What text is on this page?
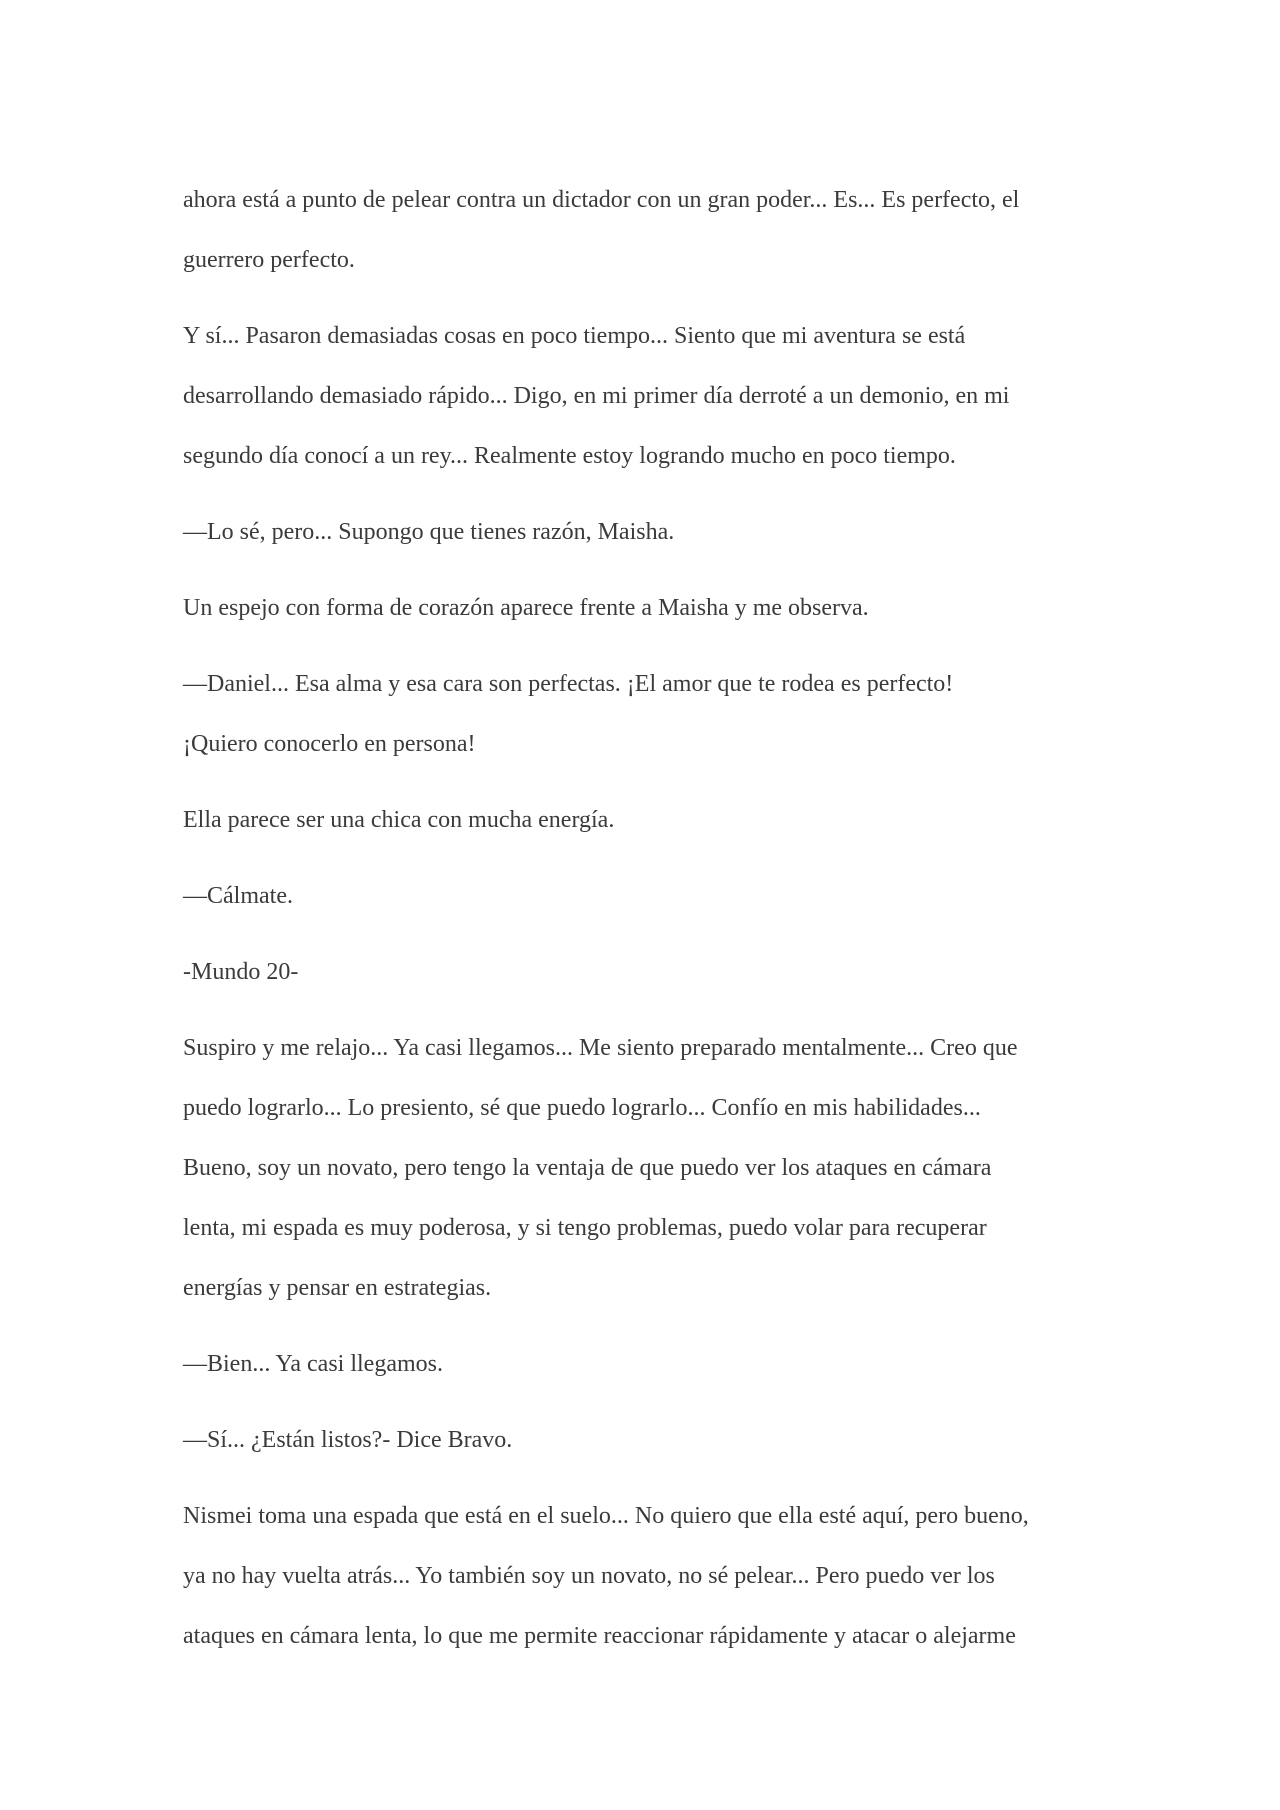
ahora está a punto de pelear contra un dictador con un gran poder... Es... Es perfecto, el
guerrero perfecto.

Y sí... Pasaron demasiadas cosas en poco tiempo... Siento que mi aventura se está
desarrollando demasiado rápido... Digo, en mi primer día derroté a un demonio, en mi
segundo día conocí a un rey... Realmente estoy logrando mucho en poco tiempo.

—Lo sé, pero... Supongo que tienes razón, Maisha.

Un espejo con forma de corazón aparece frente a Maisha y me observa.

—Daniel... Esa alma y esa cara son perfectas. ¡El amor que te rodea es perfecto!
¡Quiero conocerlo en persona!

Ella parece ser una chica con mucha energía.

—Cálmate.

-Mundo 20-

Suspiro y me relajo... Ya casi llegamos... Me siento preparado mentalmente... Creo que
puedo lograrlo... Lo presiento, sé que puedo lograrlo... Confío en mis habilidades...
Bueno, soy un novato, pero tengo la ventaja de que puedo ver los ataques en cámara
lenta, mi espada es muy poderosa, y si tengo problemas, puedo volar para recuperar
energías y pensar en estrategias.

—Bien... Ya casi llegamos.

—Sí... ¿Están listos?- Dice Bravo.

Nismei toma una espada que está en el suelo... No quiero que ella esté aquí, pero bueno,
ya no hay vuelta atrás... Yo también soy un novato, no sé pelear... Pero puedo ver los
ataques en cámara lenta, lo que me permite reaccionar rápidamente y atacar o alejarme
